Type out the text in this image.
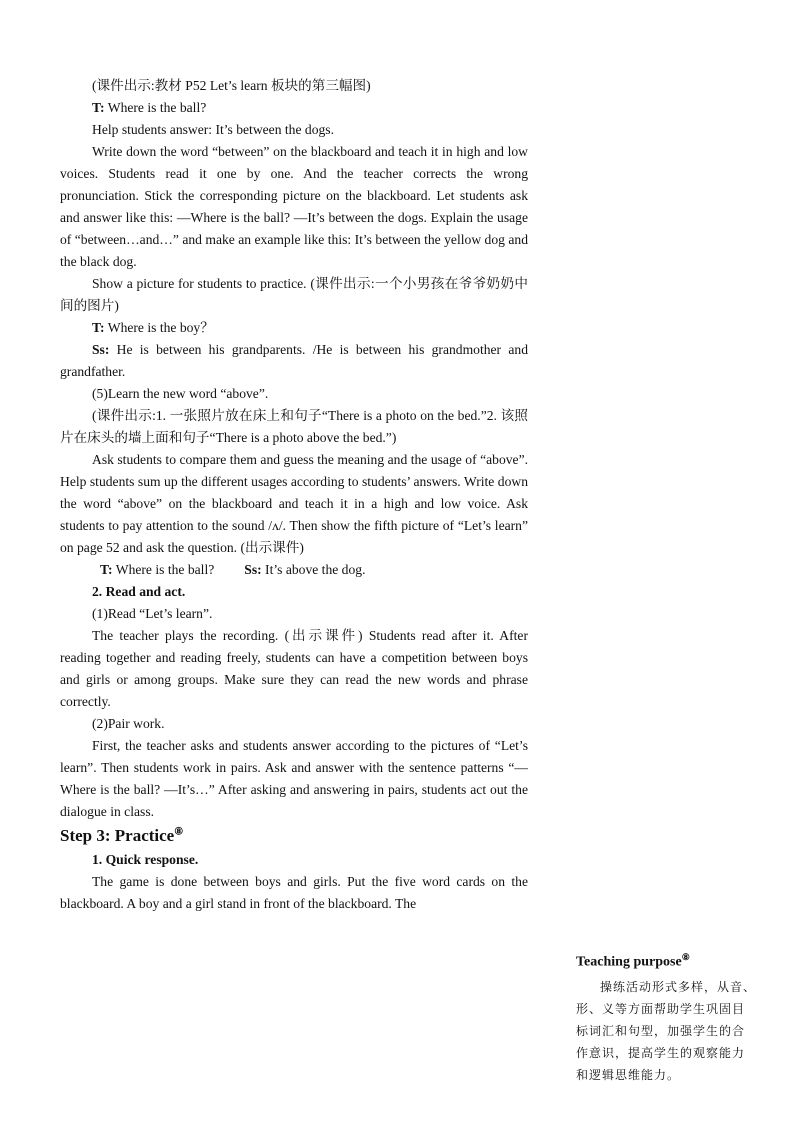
(课件出示:教材 P52 Let’s learn 板块的第三幅图)

T: Where is the ball?

Help students answer: It’s between the dogs.

Write down the word “between” on the blackboard and teach it in high and low voices. Students read it one by one. And the teacher corrects the wrong pronunciation. Stick the corresponding picture on the blackboard. Let students ask and answer like this: —Where is the ball? —It’s between the dogs. Explain the usage of “between…and…” and make an example like this: It’s between the yellow dog and the black dog.

Show a picture for students to practice. (课件出示:一个小男孩在爷爷奶奶中间的图片)

T: Where is the boy？

Ss: He is between his grandparents. /He is between his grandmother and grandfather.

(5)Learn the new word “above”.

(课件出示:1. 一张照片放在床上和句子“There is a photo on the bed.”2. 该照片在床头的墙上面和句子“There is a photo above the bed.”)

Ask students to compare them and guess the meaning and the usage of “above”. Help students sum up the different usages according to students’ answers. Write down the word “above” on the blackboard and teach it in a high and low voice. Ask students to pay attention to the sound /ʌ/. Then show the fifth picture of “Let’s learn” on page 52 and ask the question. (出示课件)

T: Where is the ball? Ss: It’s above the dog.

2. Read and act.

(1)Read “Let’s learn”.

The teacher plays the recording. (出示课件) Students read after it. After reading together and reading freely, students can have a competition between boys and girls or among groups. Make sure they can read the new words and phrase correctly.

(2)Pair work.

First, the teacher asks and students answer according to the pictures of “Let’s learn”. Then students work in pairs. Ask and answer with the sentence patterns “—Where is the ball? —It’s…” After asking and answering in pairs, students act out the dialogue in class.

Step 3: Practice⑧

1. Quick response.

The game is done between boys and girls. Put the five word cards on the blackboard. A boy and a girl stand in front of the blackboard. The

Teaching purpose⑧

操练活动形式多样，从音、形、义等方面帮助学生巩固目标词汇和句型，加强学生的合作意识，提高学生的观察能力和逻辑思维能力。
